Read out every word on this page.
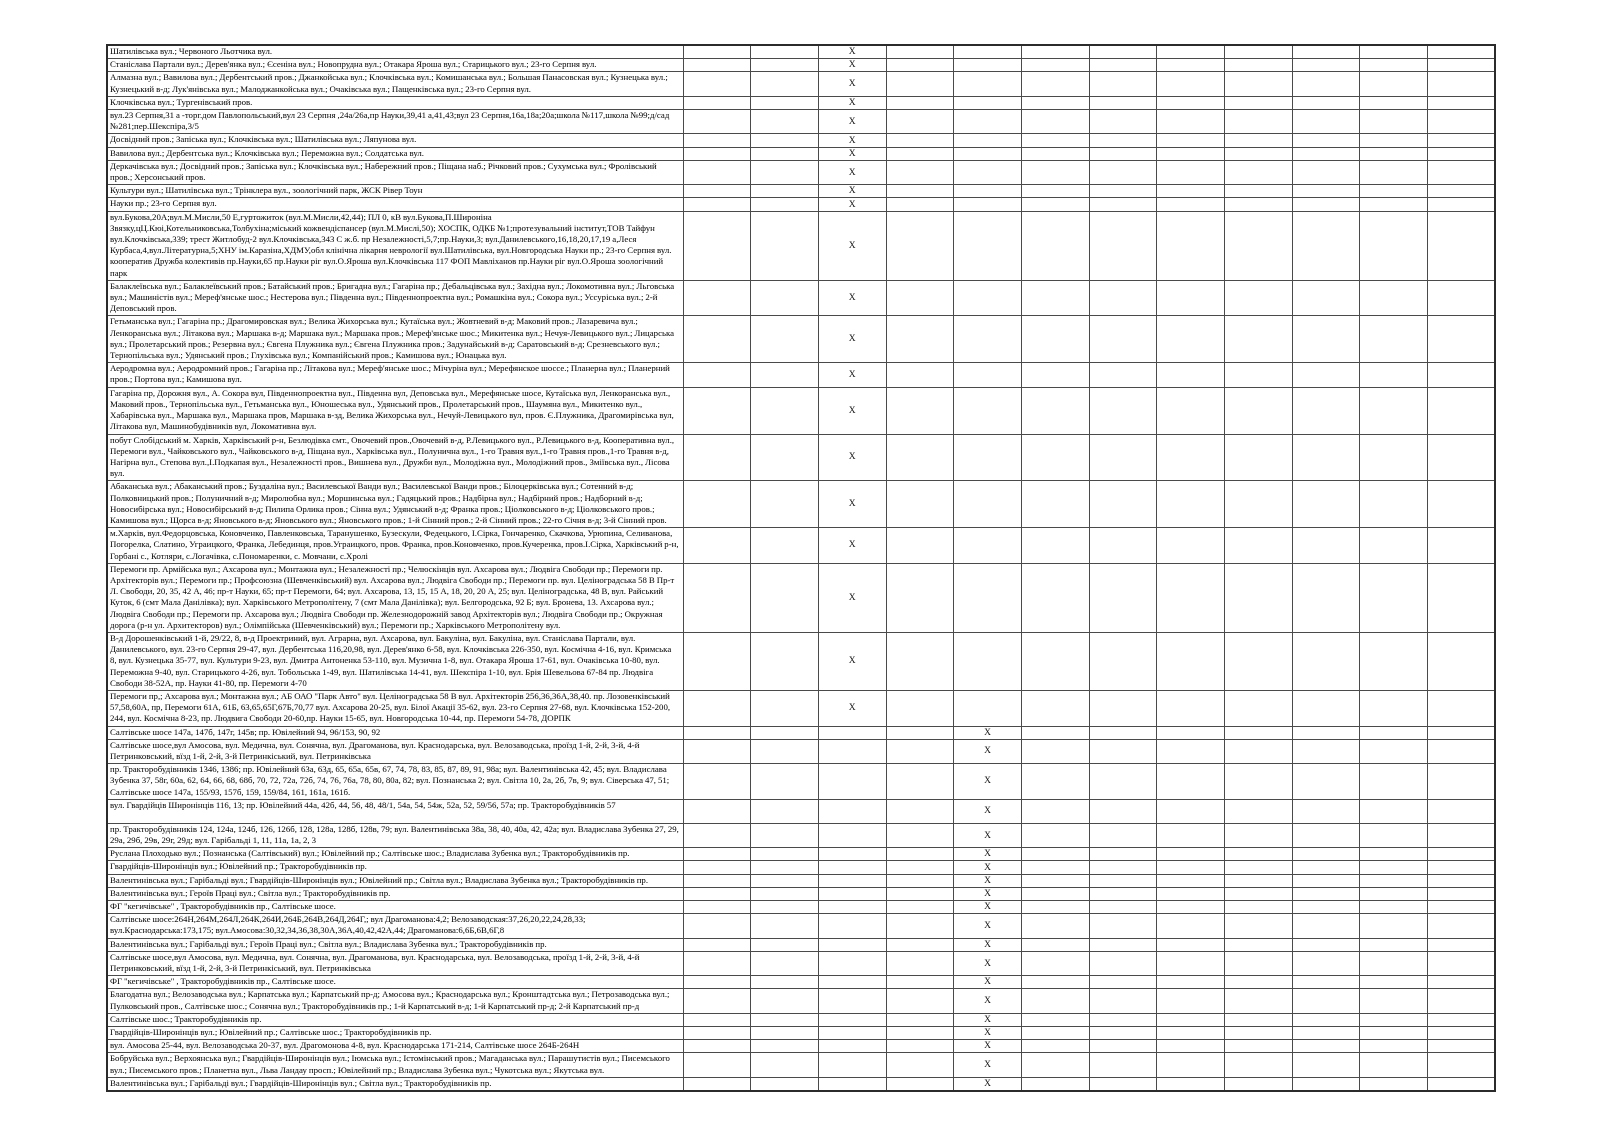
Шатилівська вул.; Червоного Льотчика вул.			X									
Станіслава Партали вул.; Дерев'янка вул.; Єсеніна вул.; Новопрудна вул.; Отакара Яроша вул.; Старицького вул.; 23-го Серпня вул.			X									
Алмазна вул.; Вавилова вул.; Дербентський пров.; Джанкойська вул.; Клочківська вул.; Комишанська вул.; Большая Панасовская вул.; Кузнецька вул.; Кузнецький в-д; Лук'янівська вул.; Малоджанкойська вул.; Очаківська вул.; Пащенківська вул.; 23-го Серпня вул.			X									
Клочківська вул.; Тургенівський пров.			X									
вул.23 Серпня,31 а -торг.дом Павлопольський,вул 23 Серпня ,24а/26а,пр Науки,39,41 а,41,43;вул 23 Серпня,16а,18а;20а;школа №117,школа №99;д/сад №281;пер.Шекспіра,3/5			X									
Досвідний пров.; Запіська вул.; Клочківська вул.; Шатилівська вул.; Ляпунова вул.			X									
Вавилова вул.; Дербентська вул.; Клочківська вул.; Переможна вул.; Солдатська вул.			X									
Деркачівська вул.; Досвідний пров.; Запіська вул.; Клочківська вул.; Набережний пров.; Піщана наб.; Річковий пров.; Сухумська вул.; Фролівський пров.; Херсонський пров.			X									
Культури вул.; Шатилівська вул.; Трінклера вул., зоологічний парк, ЖСК Рівер Тоун			X									
Науки пр.; 23-го Серпня вул.			X									
вул.Букова,20А;вул.М.Мисли,50 Е,гуртожиток (вул.М.Мисли,42,44); ПЛ 0, кВ вул.Букова,П.Широніна Звязку,цЦ.Кюі,Котельниковська,Толбухіна;міський кожвендіспансер (вул.М.Мислі,50); ХОСПК, ОДКБ №1;протезувальний інститут,ТОВ Тайфун вул.Клочківська,339; трест Житлобуд-2 вул.Клочківська,343 С ж.б. пр Незалежності,5,7;пр.Науки,3; вул.Данилевського,16,18,20,17,19 а,Леся Курбаса,4,вул.Літературна,5;ХНУ ім.Каразіна,ХДМУ,обл клінічна лікарня неврології вул.Шатилівська, вул.Новгородська Науки пр.; 23-го Серпня вул. кооператив Дружба колективів пр.Науки,65 пр.Науки ріг вул.О.Яроша вул.Клочківська 117 ФОП Мавліханов пр.Науки ріг вул.О.Яроша зоологічний парк			X									
Балаклеївська вул.; Балаклеївський пров.; Батайський пров.; Бригадна вул.; Гагаріна пр.; Дебальцівська вул.; Західна вул.; Локомотивна вул.; Льговська вул.; Машиністів вул.; Мереф'янське шос.; Нестерова вул.; Південна вул.; Південнопроектна вул.; Ромашкіна вул.; Сокора вул.; Уссуріська вул.; 2-й Деповський пров.			X									
Гетьманська вул.; Гагаріна пр.; Драгомировская вул.; Велика Жихорська вул.; Кутаїська вул.; Жовтневий в-д; Маковий пров.; Лазаревича вул.; Ленкоранська вул.; Літакова вул.; Маршака в-д; Маршака вул.; Маршака пров.; Мереф'янське шос.; Микитенка вул.; Нечуя-Левицького вул.; Лицарська вул.; Пролетарський пров.; Резервна вул.; Євгена Плужника вул.; Євгена Плужника пров.; Задунайський в-д; Саратовський в-д; Срезневського вул.; Тернопільська вул.; Удянський пров.; Глухівська вул.; Компанійський пров.; Камишова вул.; Юнацька вул.			X									
Аеродромна вул.; Аеродромний пров.; Гагаріна пр.; Літакова вул.; Мереф'янське шос.; Мічуріна вул.; Мерефянское шоссе.; Планерна вул.; Планерний пров.; Портова вул.; Камишова вул.			X									
Гагаріна пр, Дорожня вул., А. Сокора вул, Південнопроектна вул., Південна вул, Деповська вул., Мерефянське шосе, Кутаїська вул, Ленкоранська вул., Маковий пров., Тернопільська вул., Гетьманська вул., Юношеська вул., Удянський пров., Пролетарський пров., Шаумяна вул., Микитенко вул., Хабарівська вул., Маршака вул., Маршака пров, Маршака в-зд, Велика Жихорська вул., Нечуй-Левицького вул, пров. Є.Плужника, Драгомирівська вул, Літакова вул, Машинобудівників вул, Локомативна вул.			X									
побут Слобідський м. Харків, Харківський р-н, Безлюдівка смт., Овочевий пров.,Овочевий в-д, Р.Левицького вул., Р.Левицького в-д, Кооперативна вул., Перемоги вул., Чайковського вул., Чайковського в-д, Піщана вул., Харківська вул., Полунична вул., 1-го Травня вул.,1-го Травня пров.,1-го Травня в-д, Нагірна вул., Степова вул.,І.Подкапая вул., Незалежності пров., Вишнева вул., Дружби вул., Молодіжна вул., Молодіжний пров., Зміївська вул., Лісова вул.			X									
Абаканська вул.; Абаканський пров.; Буздаліна вул.; Василевської Ванди вул.; Василевської Ванди пров.; Білоцерківська вул.; Сотенний в-д; Полковницький пров.; Полуничний в-д; Миролюбна вул.; Моршинська вул.; Гадяцький пров.; Надбірна вул.; Надбірний пров.; Надборний в-д; Новосибірська вул.; Новосибірський в-д; Пилипа Орлика пров.; Сінна вул.; Удянський в-д; Франка пров.; Ціолковського в-д; Ціолковського пров.; Камишова вул.; Щорса в-д; Яновського в-д; Яновського вул.; Яновського пров.; 1-й Сінний пров.; 2-й Сінний пров.; 22-го Січня в-д; 3-й Сінний пров.			X									
м.Харків, вул.Федорцовська, Коновченко, Павленковська, Таранушенко, Бузескули, Федецького, І.Сірка, Гончаренко, Скачкова, Урюпина, Селиванова, Погорелка, Слатино, Уграицкого, Франка, Лебединця, пров.Уграицкого, пров. Франка, пров.Коновченко, пров.Кучеренка, пров.І.Сірка, Харківський р-н, Горбані с., Котляри, с.Логачівка, с.Пономаренки, с. Мовчани, с.Хролі			X									
Перемоги пр. Армійська вул.; Ахсарова вул.; Монтажна вул.; Незалежності пр.; Челюскінців вул. Ахсарова вул.; Людвіга Свободи пр.; Перемоги пр. Архітекторів вул.; Перемоги пр.; Профсоюзна (Шевченківський) вул. Ахсарова вул.; Людвіга Свободи пр.; Перемоги пр. вул. Целіноградська 58 В Пр-т Л. Свободи, 20, 35, 42 А, 46; пр-т Науки, 65; пр-т Перемоги, 64; вул. Ахсарова, 13, 15, 15 А, 18, 20, 20 А, 25; вул. Целіноградська, 48 В, вул. Райський Куток, 6 (смт Мала Данілівка); вул. Харківського Метрополітену, 7 (смт Мала Данілівка); вул. Белгородська, 92 Б; вул. Бронева, 13. Ахсарова вул.; Людвіга Свободи пр.; Перемоги пр. Ахсарова вул.; Людвіга Свободи пр. Железнодорожній завод Архітекторів вул.; Людвіга Свободи пр.; Окружная дорога (р-н ул. Архитекторов) вул.; Олімпійська (Шевченківський) вул.; Перемоги пр.; Харківського Метрополітену вул.			X									
В-д Дорошенківський 1-й, 29/22, 8, в-д Проектриний, вул. Аграрна, вул. Ахсарова, вул. Бакуліна, вул. Бакуліна, вул. Станіслава Партали, вул. Данилевського, вул. 23-го Серпня 29-47, вул. Дербентська 116,20,98, вул. Дерев'янко 6-58, вул. Клочківська 226-350, вул. Космічна 4-16, вул. Кримська 8, вул. Кузнецька 35-77, вул. Культури 9-23, вул. Дмитра Антоненка 53-110, вул. Музична 1-8, вул. Отакара Яроша 17-61, вул. Очаківська 10-80, вул. Переможна 9-40, вул. Старицького 4-26, вул. Тобольська 1-49, вул. Шатилівська 14-41, вул. Шекспіра 1-10, вул. Брія Шевельова 67-84 пр. Людвіга Свободи 38-52А, пр. Науки 41-80, пр. Перемоги 4-70			X									
Перемоги пр,; Ахсарова вул.; Монтажна вул.; АБ ОАО "Парк Авто" вул. Целіноградська 58 В вул. Архітекторів 256,36,36А,38,40. пр. Лозовенківський 57,58,60А, пр, Перемоги 61А, 61Б, 63,65,65Г,67Б,70,77 вул. Ахсарова 20-25, вул. Білої Акації 35-62, вул. 23-го Серпня 27-68, вул. Клочківська 152-200, 244, вул. Космічна 8-23, пр. Людвига Свободи 20-60,пр. Науки 15-65, вул. Новгородська 10-44, пр. Перемоги 54-78, ДОРПК			X									
Салтівське шосе 147а, 147б, 147г, 145в; пр. Ювілейний 94, 96/153, 90, 92					X							
Салтівське шосе,вул Амосова, вул. Медична, вул. Сонячна, вул. Драгоманова, вул. Краснодарська, вул. Велозаводська, проїзд 1-й, 2-й, 3-й, 4-й Петринковський, вїзд 1-й, 2-й, 3-й Петринкіський, вул. Петринківська					X							
пр. Тракторобудівників 1346, 1386; пр. Ювілейний 63а, 63д, 65, 65а, 65в, 67, 74, 78, 83, 85, 87, 89, 91, 98а; вул. Валентинівська 42, 45; вул. Владислава Зубенка 37, 58г, 60а, 62, 64, 66, 68, 68б, 70, 72, 72а, 72б, 74, 76, 76а, 78, 80, 80а, 82; вул. Познанська 2; вул. Світла 10, 2а, 2б, 7в, 9; вул. Сіверська 47, 51; Салтівське шосе 147а, 155/93, 157б, 159, 159/84, 161, 161а, 161б.					X							
вул. Гвардійців Широнінців 116, 13; пр. Ювілейний 44а, 42б, 44, 56, 48, 48/1, 54а, 54, 54ж, 52а, 52, 59/56, 57а; пр. Тракторобудівників 57					X							
пр. Тракторобудівників 124, 124а, 124б, 126, 126б, 128, 128а, 128б, 128в, 79; вул. Валентинівська 38а, 38, 40, 40а, 42, 42а; вул. Владислава Зубенка 27, 29, 29а, 29б, 29в, 29г, 29д; вул. Гарібальді 1, 11, 11а, 1а, 2, 3					X							
Руслана Плоходько вул.; Познанська (Салтівський) вул.; Ювілейний пр.; Салтівське шос.; Владислава Зубенка вул.; Тракторобудівників пр.					X							
Гвардійців-Широнінців вул.; Ювілейний пр.; Тракторобудівників пр.					X							
Валентинівська вул.; Гарібальді вул.; Гвардійців-Широнінців вул.; Ювілейний пр.; Світла вул.; Владислава Зубенка вул.; Тракторобудівників пр.					X							
Валентинівська вул.; Героїв Праці вул.; Світла вул.; Тракторобудівників пр.					X							
ФГ "кегичівське" , Тракторобудівників пр., Салтівське шосе.					X							
Салтівське шосе:264Н,264М,264Л,264К,264И,264Б,264В,264Д,264Г,; вул Драгоманова:4,2; Велозаводская:37,26,20,22,24,28,33; вул.Краснодарська:173,175; вул.Амосова:30,32,34,36,38,30А,36А,40,42,42А,44; Драгоманова:6,6Б,6В,6Г,8					X							
Валентинівська вул.; Гарібальді вул.; Героїв Праці вул.; Світла вул.; Владислава Зубенка вул.; Тракторобудівників пр.					X							
Салтівське шосе,вул Амосова, вул. Медична, вул. Сонячна, вул. Драгоманова, вул. Краснодарська, вул. Велозаводська, проїзд 1-й, 2-й, 3-й, 4-й Петринковський, вїзд 1-й, 2-й, 3-й Петринкіський, вул. Петринківська					X							
ФГ "кегичівське" , Тракторобудівників пр., Салтівське шосе.					X							
Благодатна вул.; Велозаводська вул.; Карпатська вул.; Карпатський пр-д; Амосова вул.; Краснодарська вул.; Кронштадтська вул.; Петрозаводська вул.; Пулковський пров., Салтівське шос.; Сонячна вул.; Тракторобудівників пр.; 1-й Карпатський в-д; 1-й Карпатський пр-д; 2-й Карпатський пр-д					X							
Салтівське шос.; Тракторобудівників пр.					X							
Гвардійців-Широнінців вул.; Ювілейний пр.; Салтівське шос.; Тракторобудівників пр.					X							
вул. Амосова 25-44, вул. Велозаводська 20-37, вул. Драгомонова 4-8, вул. Краснодарська 171-214, Салтівське шосе 264Б-264Н					X							
Бобруйська вул.; Верхоянська вул.; Гвардійців-Широнінців вул.; Іюмська вул.; Істомінський пров.; Магаданська вул.; Парашутистів вул.; Писемського вул.; Писемського пров.; Планетна вул., Льва Ландау просп.; Ювілейний пр.; Владислава Зубенка вул.; Чукотська вул.; Якутська вул.					X							
Валентинівська вул.; Гарібальді вул.; Гвардійців-Широнінців вул.; Світла вул.; Тракторобудівників пр.					X							
